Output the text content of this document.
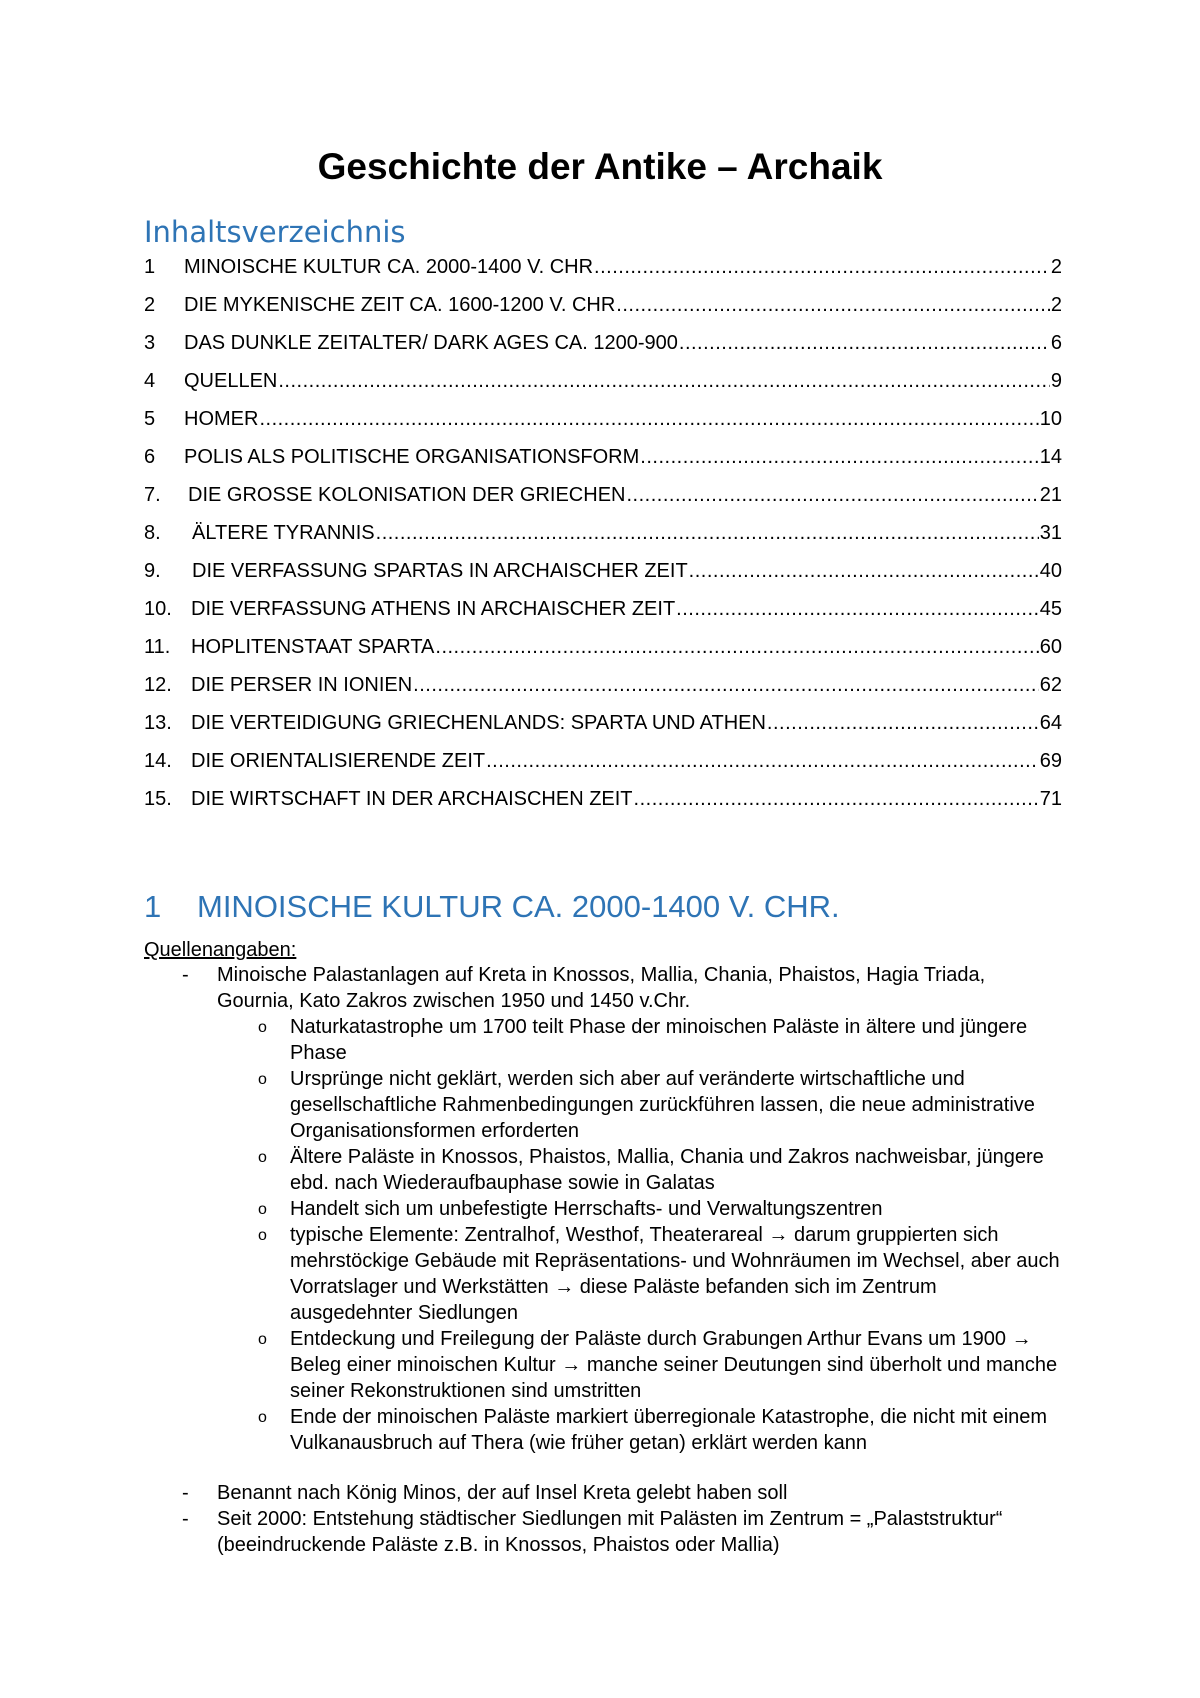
Geschichte der Antike – Archaik
Inhaltsverzeichnis
1	MINOISCHE KULTUR CA. 2000-1400 V. CHR .....	2
2	DIE MYKENISCHE ZEIT CA. 1600-1200 V. CHR .....	2
3	DAS DUNKLE ZEITALTER/ DARK AGES CA. 1200-900 .....	6
4	QUELLEN .....	9
5	HOMER .....	10
6	POLIS ALS POLITISCHE ORGANISATIONSFORM .....	14
7.	DIE GROSSE KOLONISATION DER GRIECHEN .....	21
8.	ÄLTERE TYRANNIS .....	31
9.	DIE VERFASSUNG SPARTAS IN ARCHAISCHER ZEIT .....	40
10. DIE VERFASSUNG ATHENS IN ARCHAISCHER ZEIT .....	45
11.	HOPLITENSTAAT SPARTA .....	60
12. DIE PERSER IN IONIEN .....	62
13. DIE VERTEIDIGUNG GRIECHENLANDS: SPARTA UND ATHEN .....	64
14. DIE ORIENTALISIERENDE ZEIT .....	69
15. DIE WIRTSCHAFT IN DER ARCHAISCHEN ZEIT .....	71
1 MINOISCHE KULTUR CA. 2000-1400 V. CHR.
Quellenangaben:
- Minoische Palastanlagen auf Kreta in Knossos, Mallia, Chania, Phaistos, Hagia Triada, Gournia, Kato Zakros zwischen 1950 und 1450 v.Chr.
o Naturkatastrophe um 1700 teilt Phase der minoischen Paläste in ältere und jüngere Phase
o Ursprünge nicht geklärt, werden sich aber auf veränderte wirtschaftliche und gesellschaftliche Rahmenbedingungen zurückführen lassen, die neue administrative Organisationsformen erforderten
o Ältere Paläste in Knossos, Phaistos, Mallia, Chania und Zakros nachweisbar, jüngere ebd. nach Wiederaufbauphase sowie in Galatas
o Handelt sich um unbefestigte Herrschafts- und Verwaltungszentren
o typische Elemente: Zentralhof, Westhof, Theaterareal → darum gruppierten sich mehrstöckige Gebäude mit Repräsentations- und Wohnräumen im Wechsel, aber auch Vorratslager und Werkstätten → diese Paläste befanden sich im Zentrum ausgedehnter Siedlungen
o Entdeckung und Freilegung der Paläste durch Grabungen Arthur Evans um 1900 → Beleg einer minoischen Kultur → manche seiner Deutungen sind überholt und manche seiner Rekonstruktionen sind umstritten
o Ende der minoischen Paläste markiert überregionale Katastrophe, die nicht mit einem Vulkanausbruch auf Thera (wie früher getan) erklärt werden kann
- Benannt nach König Minos, der auf Insel Kreta gelebt haben soll
- Seit 2000: Entstehung städtischer Siedlungen mit Palästen im Zentrum = „Palaststruktur“ (beeindruckende Paläste z.B. in Knossos, Phaistos oder Mallia)
